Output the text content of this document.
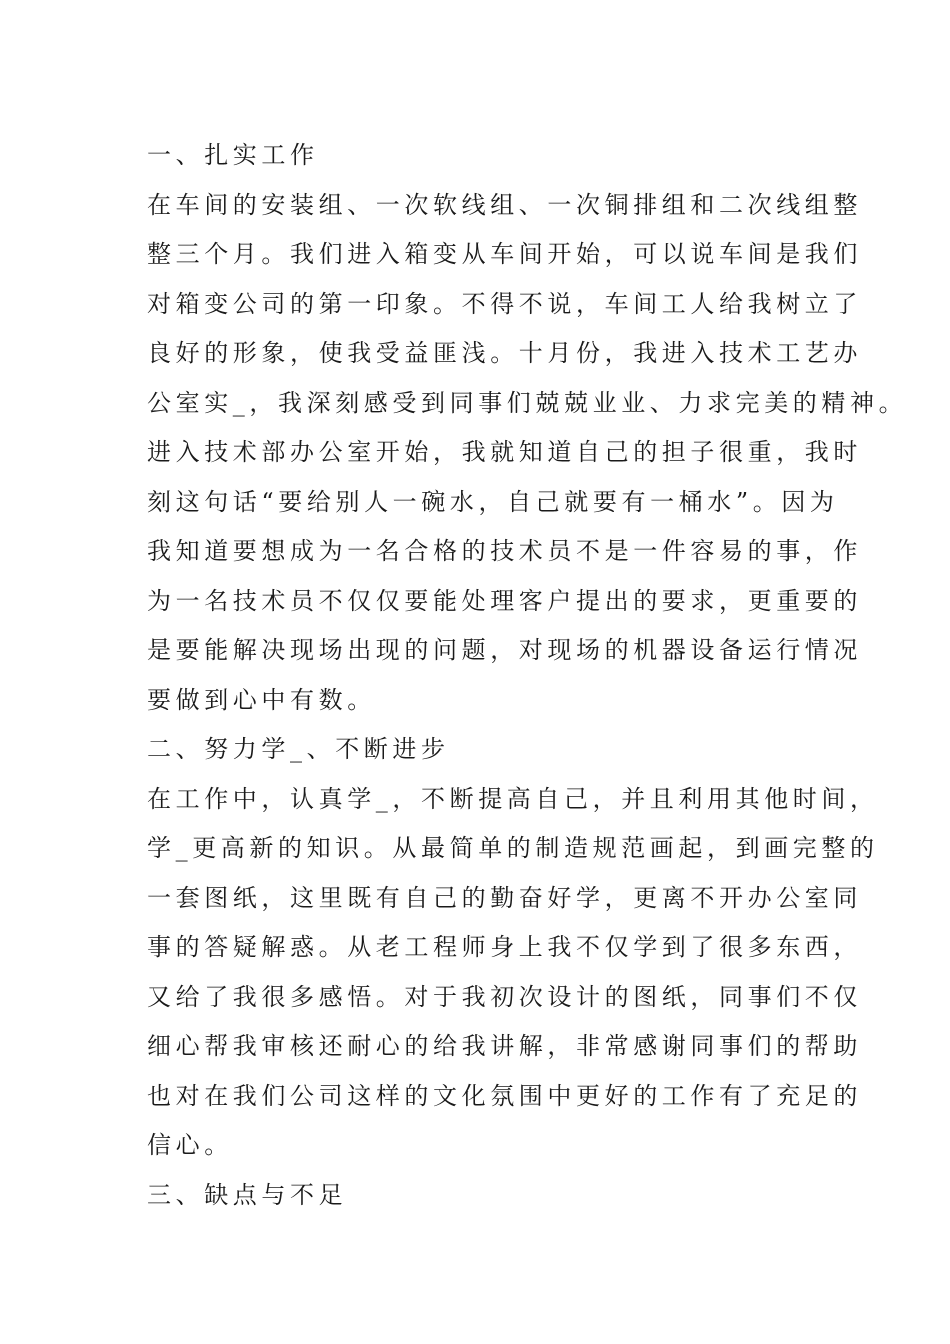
一、扎实工作
在车间的安装组、一次软线组、一次铜排组和二次线组整
整三个月。我们进入箱变从车间开始，可以说车间是我们
对箱变公司的第一印象。不得不说，车间工人给我树立了
良好的形象，使我受益匪浅。十月份，我进入技术工艺办
公室实_，我深刻感受到同事们兢兢业业、力求完美的精神。
进入技术部办公室开始，我就知道自己的担子很重，我时
刻这句话“要给别人一碗水，自己就要有一桶水”。因为
我知道要想成为一名合格的技术员不是一件容易的事，作
为一名技术员不仅仅要能处理客户提出的要求，更重要的
是要能解决现场出现的问题，对现场的机器设备运行情况
要做到心中有数。
二、努力学_、不断进步
在工作中，认真学_，不断提高自己，并且利用其他时间，
学_更高新的知识。从最简单的制造规范画起，到画完整的
一套图纸，这里既有自己的勤奋好学，更离不开办公室同
事的答疑解惑。从老工程师身上我不仅学到了很多东西，
又给了我很多感悟。对于我初次设计的图纸，同事们不仅
细心帮我审核还耐心的给我讲解，非常感谢同事们的帮助
也对在我们公司这样的文化氛围中更好的工作有了充足的
信心。
三、缺点与不足
